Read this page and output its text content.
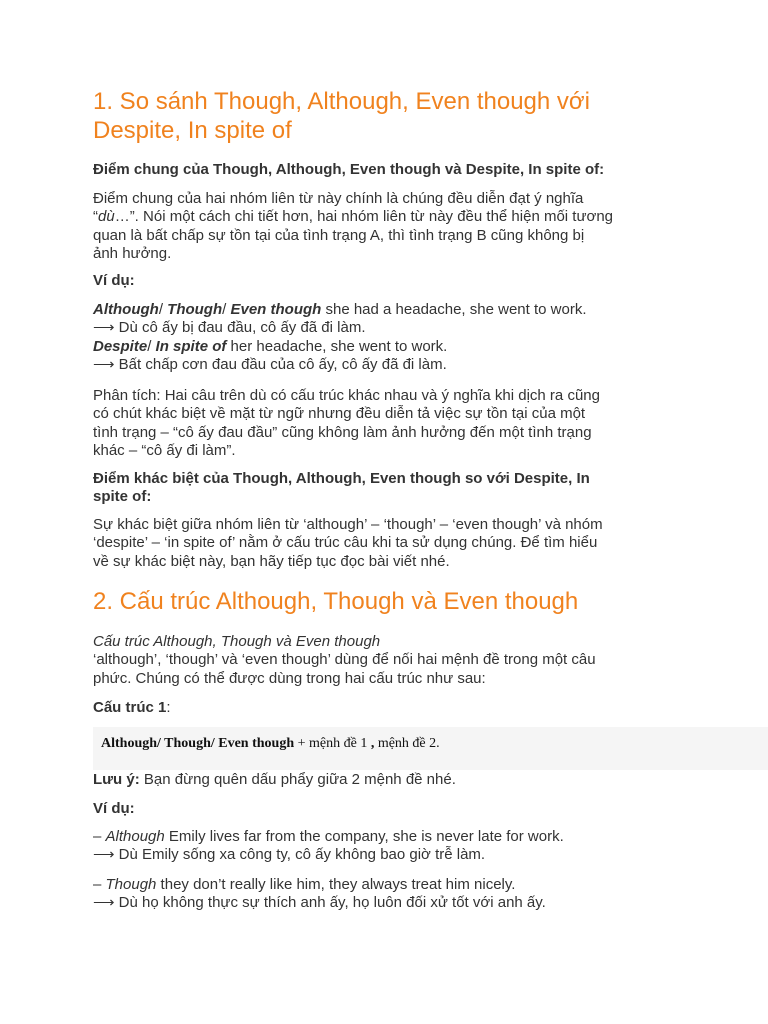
1. So sánh Though, Although, Even though với
Despite, In spite of

Điểm chung của Though, Although, Even though và Despite, In spite of:

Điểm chung của hai nhóm liên từ này chính là chúng đều diễn đạt ý nghĩa
“dù…”. Nói một cách chi tiết hơn, hai nhóm liên từ này đều thể hiện mối tương
quan là bất chấp sự tồn tại của tình trạng A, thì tình trạng B cũng không bị
ảnh hưởng.

Ví dụ:

Although/ Though/ Even though she had a headache, she went to work.
⟶ Dù cô ấy bị đau đầu, cô ấy đã đi làm.
Despite/ In spite of her headache, she went to work.
⟶ Bất chấp cơn đau đầu của cô ấy, cô ấy đã đi làm.

Phân tích: Hai câu trên dù có cấu trúc khác nhau và ý nghĩa khi dịch ra cũng
có chút khác biệt về mặt từ ngữ nhưng đều diễn tả việc sự tồn tại của một
tình trạng – “cô ấy đau đầu” cũng không làm ảnh hưởng đến một tình trạng
khác – “cô ấy đi làm”.

Điểm khác biệt của Though, Although, Even though so với Despite, In
spite of:

Sự khác biệt giữa nhóm liên từ ‘although’ – ‘though’ – ‘even though’ và nhóm
‘despite’ – ‘in spite of’ nằm ở cấu trúc câu khi ta sử dụng chúng. Để tìm hiểu
về sự khác biệt này, bạn hãy tiếp tục đọc bài viết nhé.

2. Cấu trúc Although, Though và Even though

Cấu trúc Although, Though và Even though
‘although’, ‘though’ và ‘even though’ dùng để nối hai mệnh đề trong một câu
phức. Chúng có thể được dùng trong hai cấu trúc như sau:

Cấu trúc 1:

Although/ Though/ Even though + mệnh đề 1 , mệnh đề 2.

Lưu ý: Bạn đừng quên dấu phẩy giữa 2 mệnh đề nhé.

Ví dụ:

– Although Emily lives far from the company, she is never late for work.
⟶ Dù Emily sống xa công ty, cô ấy không bao giờ trễ làm.

– Though they don’t really like him, they always treat him nicely.
⟶ Dù họ không thực sự thích anh ấy, họ luôn đối xử tốt với anh ấy.
